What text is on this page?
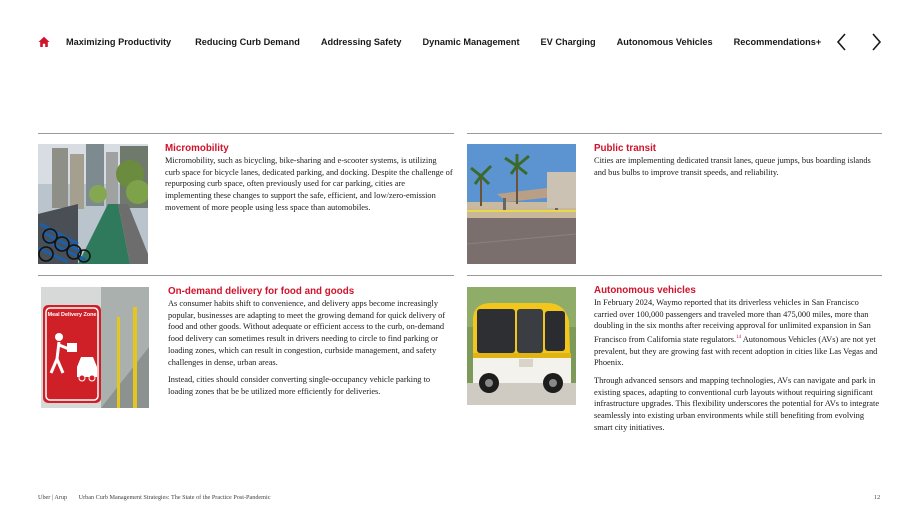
Maximizing Productivity	Reducing Curb Demand Addressing Safety Dynamic Management EV Charging Autonomous Vehicles Recommendations+
Micromobility
Micromobility, such as bicycling, bike-sharing and e-scooter systems, is utilizing curb space for bicycle lanes, dedicated parking, and docking. Despite the challenge of repurposing curb space, often previously used for car parking, cities are implementing these changes to support the safe, efficient, and low/zero-emission movement of more people using less space than automobiles.
Public transit
Cities are implementing dedicated transit lanes, queue jumps, bus boarding islands and bus bulbs to improve transit speeds, and reliability.
Meal Delivery Zone
On-demand delivery for food and goods

As consumer habits shift to convenience, and delivery apps become increasingly popular, businesses are adapting to meet the growing demand for quick delivery of food and other goods. Without adequate or efficient access to the curb, on-demand food delivery can sometimes result in drivers needing to circle to find parking or loading zones, which can result in congestion, curbside management, and safety challenges in dense, urban areas.

Instead, cities should consider converting single-occupancy vehicle parking to loading zones that be be utilized more efficiently for deliveries.

Autonomous vehicles

In February 2024, Waymo reported that its driverless vehicles in San Francisco carried over 100,000 passengers and traveled more than 475,000 miles, more than doubling in the six months after receiving approval for unlimited expansion in San Francisco from California state regulators.$^{14}$ Autonomous Vehicles (AVs) are not yet prevalent, but they are growing fast with recent adoption in cities like Las Vegas and Phoenix.

Through advanced sensors and mapping technologies, AVs can navigate and park in existing spaces, adapting to conventional curb layouts without requiring significant infrastructure upgrades. This flexibility underscores the potential for AVs to integrate seamlessly into existing urban environments while still benefiting from evolving smart city initiatives.

Uber | Arup Urban Curb Management Strategies: The State of the Practice Post-Pandemic	12
